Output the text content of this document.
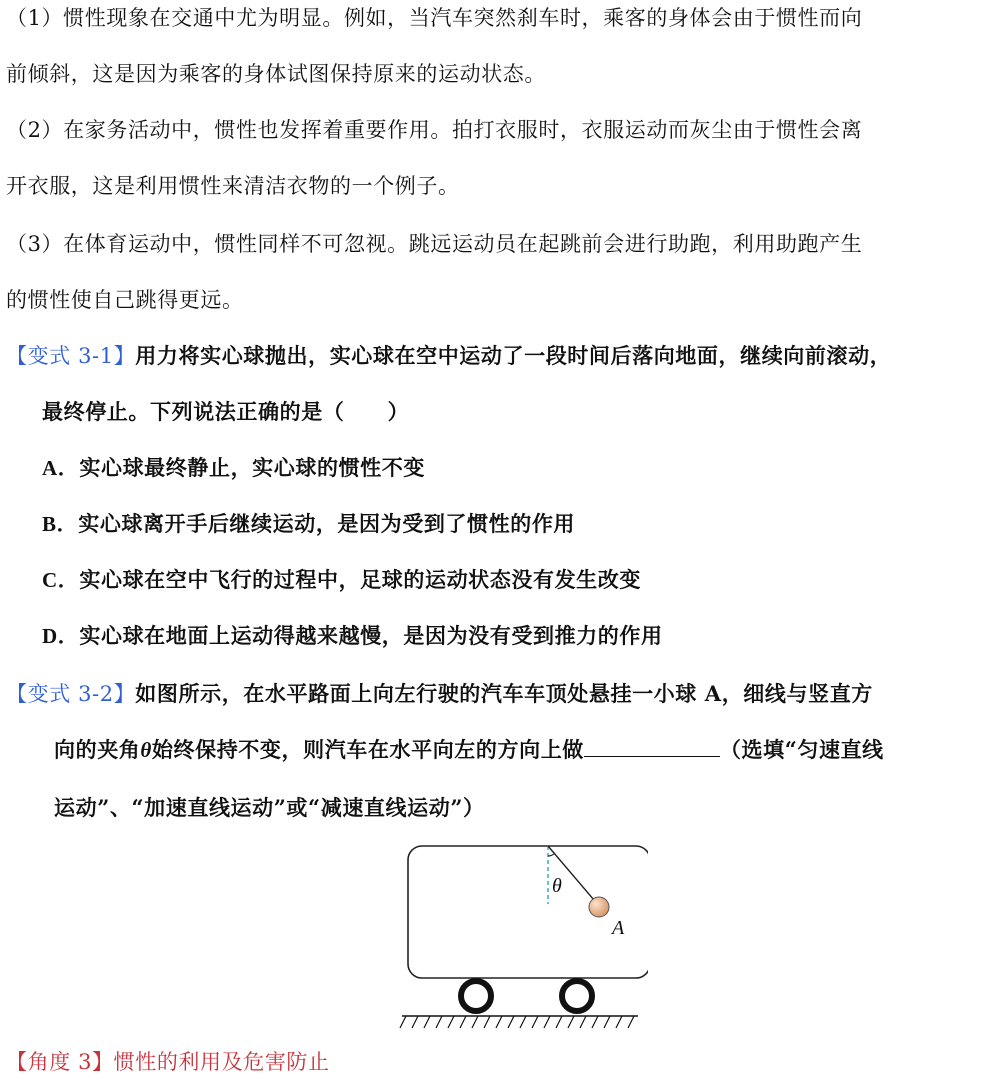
（1）惯性现象在交通中尤为明显。例如，当汽车突然刹车时，乘客的身体会由于惯性而向
前倾斜，这是因为乘客的身体试图保持原来的运动状态。
（2）在家务活动中，惯性也发挥着重要作用。拍打衣服时，衣服运动而灰尘由于惯性会离
开衣服，这是利用惯性来清洁衣物的一个例子。
（3）在体育运动中，惯性同样不可忽视。跳远运动员在起跳前会进行助跑，利用助跑产生
的惯性使自己跳得更远。
【变式 3-1】用力将实心球抛出，实心球在空中运动了一段时间后落向地面，继续向前滚动，
最终停止。下列说法正确的是（　　）
A．实心球最终静止，实心球的惯性不变
B．实心球离开手后继续运动，是因为受到了惯性的作用
C．实心球在空中飞行的过程中，足球的运动状态没有发生改变
D．实心球在地面上运动得越来越慢，是因为没有受到推力的作用
【变式 3-2】如图所示，在水平路面上向左行驶的汽车车顶处悬挂一小球 A，细线与竖直方
向的夹角θ始终保持不变，则汽车在水平向左的方向上做	（选填“匀速直线
运动”、“加速直线运动”或“减速直线运动”）
θ
A
【角度 3】惯性的利用及危害防止
